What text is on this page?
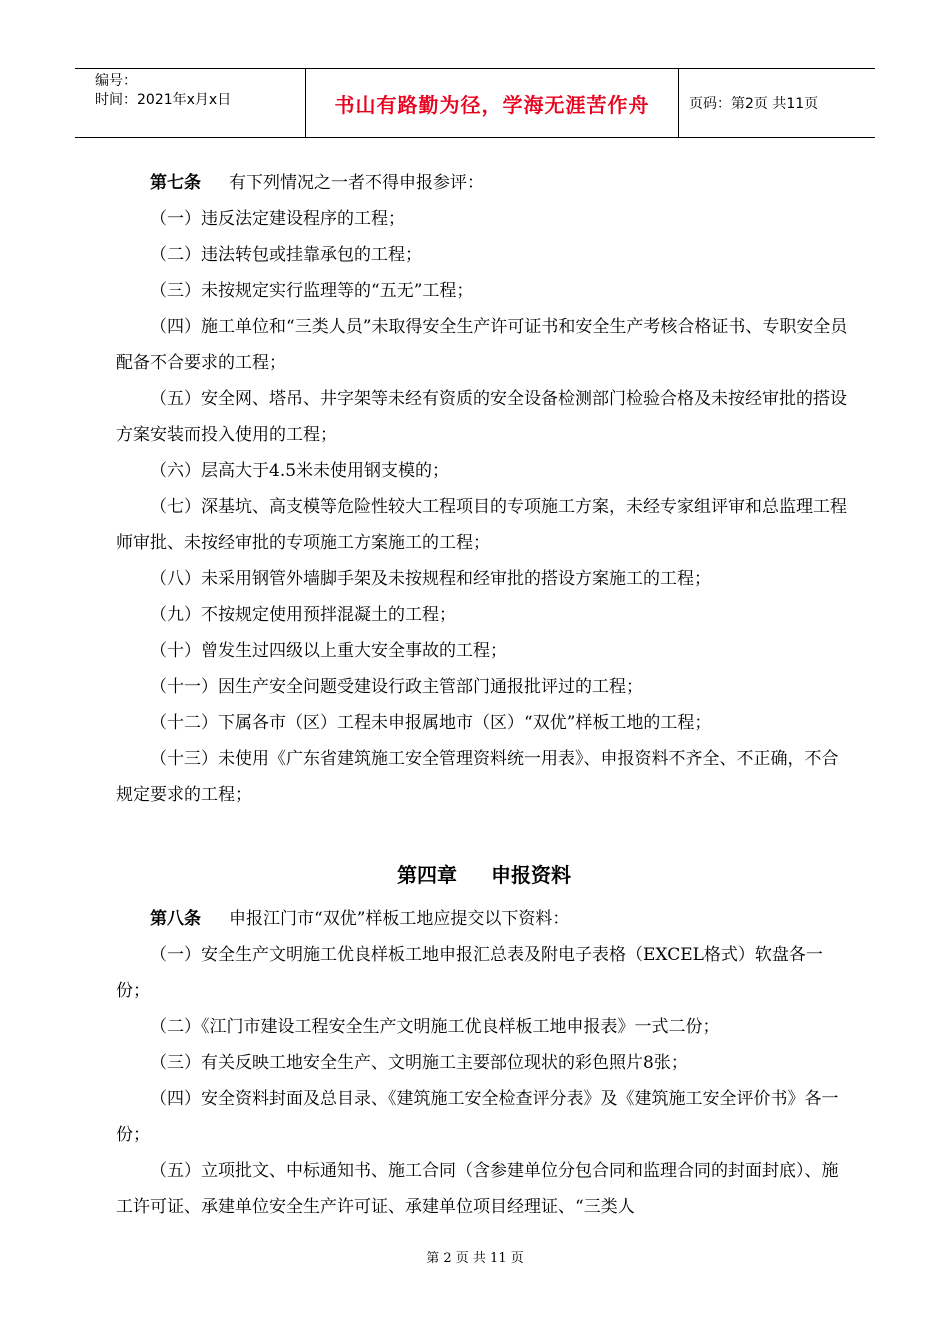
编号：
时间：2021年x月x日	书山有路勤为径，学海无涯苦作舟	页码：第2页 共11页
第七条 有下列情况之一者不得申报参评：

（一）违反法定建设程序的工程；

（二）违法转包或挂靠承包的工程；

（三）未按规定实行监理等的“五无”工程；

（四）施工单位和“三类人员”未取得安全生产许可证书和安全生产考核合格证书、专职安全员配备不合要求的工程；

（五）安全网、塔吊、井字架等未经有资质的安全设备检测部门检验合格及未按经审批的搭设方案安装而投入使用的工程；

（六）层高大于4.5米未使用钢支模的；

（七）深基坑、高支模等危险性较大工程项目的专项施工方案，未经专家组评审和总监理工程师审批、未按经审批的专项施工方案施工的工程；

（八）未采用钢管外墙脚手架及未按规程和经审批的搭设方案施工的工程；

（九）不按规定使用预拌混凝土的工程；

（十）曾发生过四级以上重大安全事故的工程；

（十一）因生产安全问题受建设行政主管部门通报批评过的工程；

（十二）下属各市（区）工程未申报属地市（区）“双优”样板工地的工程；

（十三）未使用《广东省建筑施工安全管理资料统一用表》、申报资料不齐全、不正确，不合规定要求的工程；

第四章 申报资料
第八条 申报江门市“双优”样板工地应提交以下资料：

（一）安全生产文明施工优良样板工地申报汇总表及附电子表格（EXCEL格式）软盘各一份；

（二）《江门市建设工程安全生产文明施工优良样板工地申报表》一式二份；

（三）有关反映工地安全生产、文明施工主要部位现状的彩色照片8张；

（四）安全资料封面及总目录、《建筑施工安全检查评分表》及《建筑施工安全评价书》各一份；

（五）立项批文、中标通知书、施工合同（含参建单位分包合同和监理合同的封面封底）、施工许可证、承建单位安全生产许可证、承建单位项目经理证、“三类人

第 2 页 共 11 页
